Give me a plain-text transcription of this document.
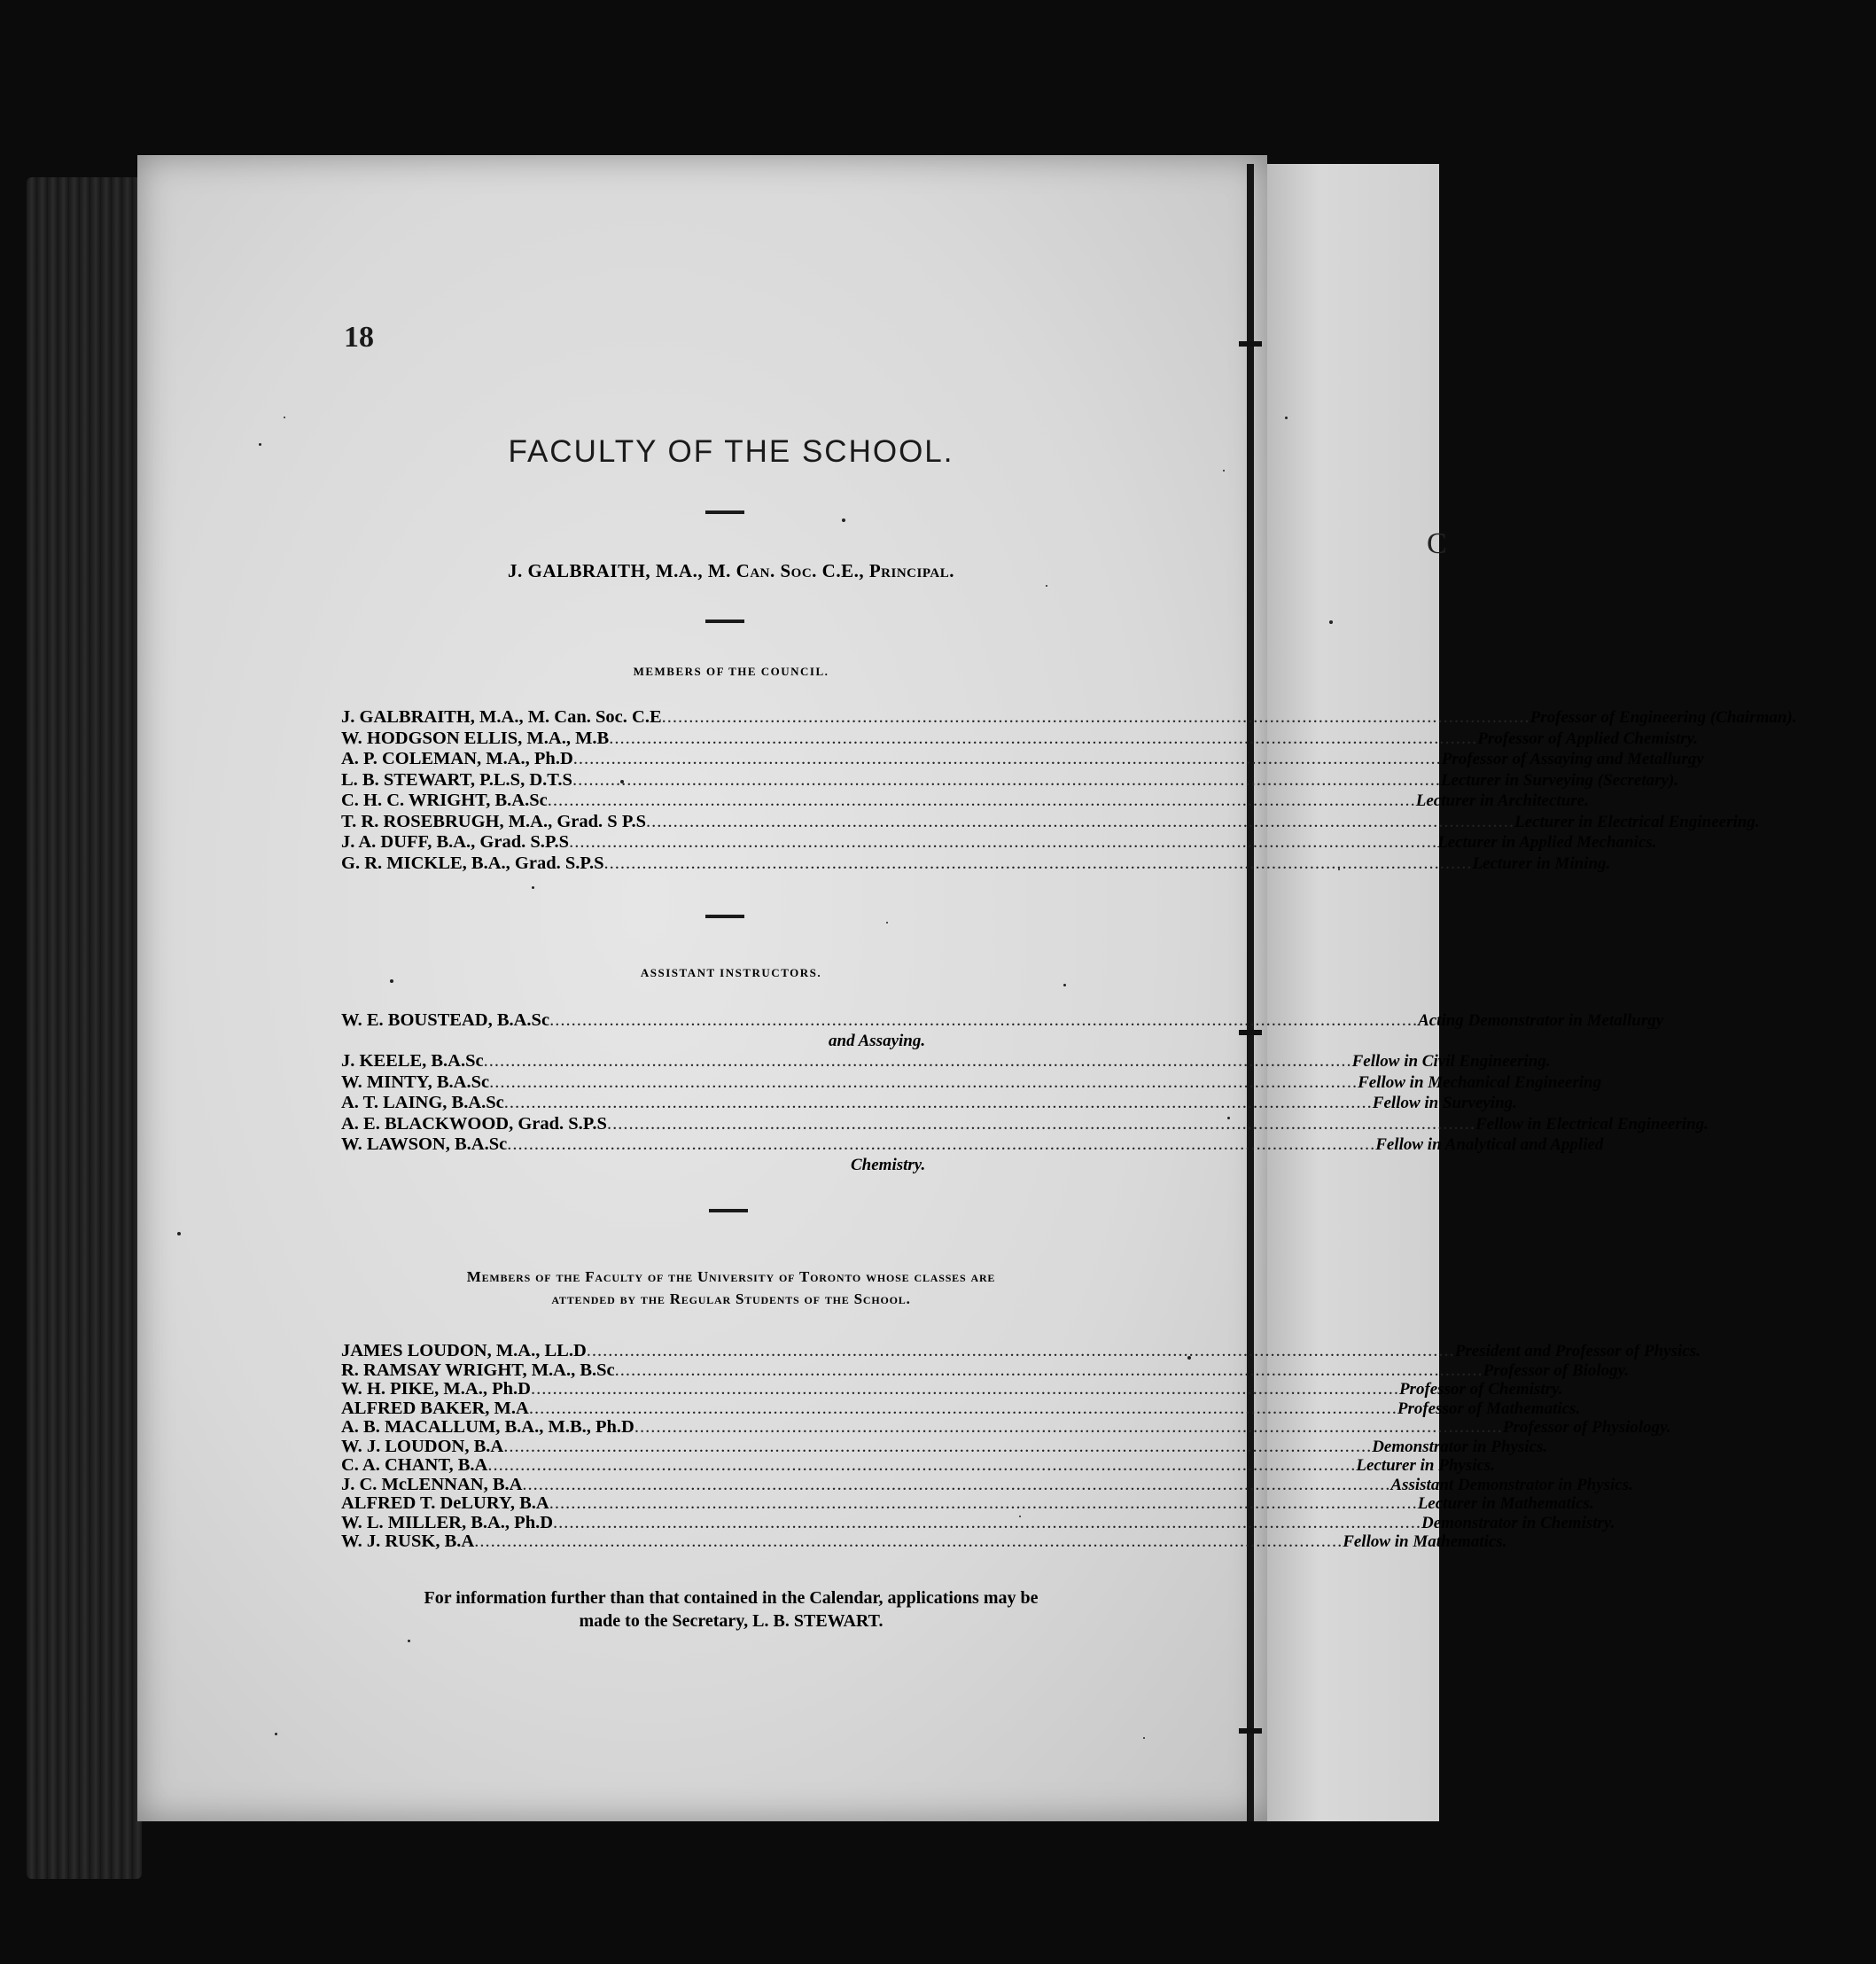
C
18
FACULTY OF THE SCHOOL.
J. GALBRAITH, M.A., M. Can. Soc. C.E., Principal.
MEMBERS OF THE COUNCIL.
J. GALBRAITH, M.A., M. Can. Soc. C.E .....	Professor of Engineering (Chairman).
W. HODGSON ELLIS, M.A., M.B .....	Professor of Applied Chemistry.
A. P. COLEMAN, M.A., Ph.D .....	Professor of Assaying and Metallurgy
L. B. STEWART, P.L.S, D.T.S .....	Lecturer in Surveying (Secretary).
C. H. C. WRIGHT, B.A.Sc .....	Lecturer in Architecture.
T. R. ROSEBRUGH, M.A., Grad. S P.S .....	Lecturer in Electrical Engineering.
J. A. DUFF, B.A., Grad. S.P.S .....	Lecturer in Applied Mechanics.
G. R. MICKLE, B.A., Grad. S.P.S .....	Lecturer in Mining.
ASSISTANT INSTRUCTORS.
W. E. BOUSTEAD, B.A.Sc .....	Acting Demonstrator in Metallurgy
and Assaying.
J. KEELE, B.A.Sc .....	Fellow in Civil Engineering.
W. MINTY, B.A.Sc .....	Fellow in Mechanical Engineering
A. T. LAING, B.A.Sc .....	Fellow in Surveying.
A. E. BLACKWOOD, Grad. S.P.S .....	Fellow in Electrical Engineering.
W. LAWSON, B.A.Sc .....	Fellow in Analytical and Applied
Chemistry.
Members of the Faculty of the University of Toronto whose classes are
attended by the Regular Students of the School.
JAMES LOUDON, M.A., LL.D .....	President and Professor of Physics.
R. RAMSAY WRIGHT, M.A., B.Sc .....	Professor of Biology.
W. H. PIKE, M.A., Ph.D .....	Professor of Chemistry.
ALFRED BAKER, M.A .....	Professor of Mathematics.
A. B. MACALLUM, B.A., M.B., Ph.D .....	Professor of Physiology.
W. J. LOUDON, B.A .....	Demonstrator in Physics.
C. A. CHANT, B.A .....	Lecturer in Physics.
J. C. McLENNAN, B.A .....	Assistant Demonstrator in Physics.
ALFRED T. DeLURY, B.A .....	Lecturer in Mathematics.
W. L. MILLER, B.A., Ph.D .....	Demonstrator in Chemistry.
W. J. RUSK, B.A .....	Fellow in Mathematics.
For information further than that contained in the Calendar, applications may be
made to the Secretary, L. B. STEWART.
